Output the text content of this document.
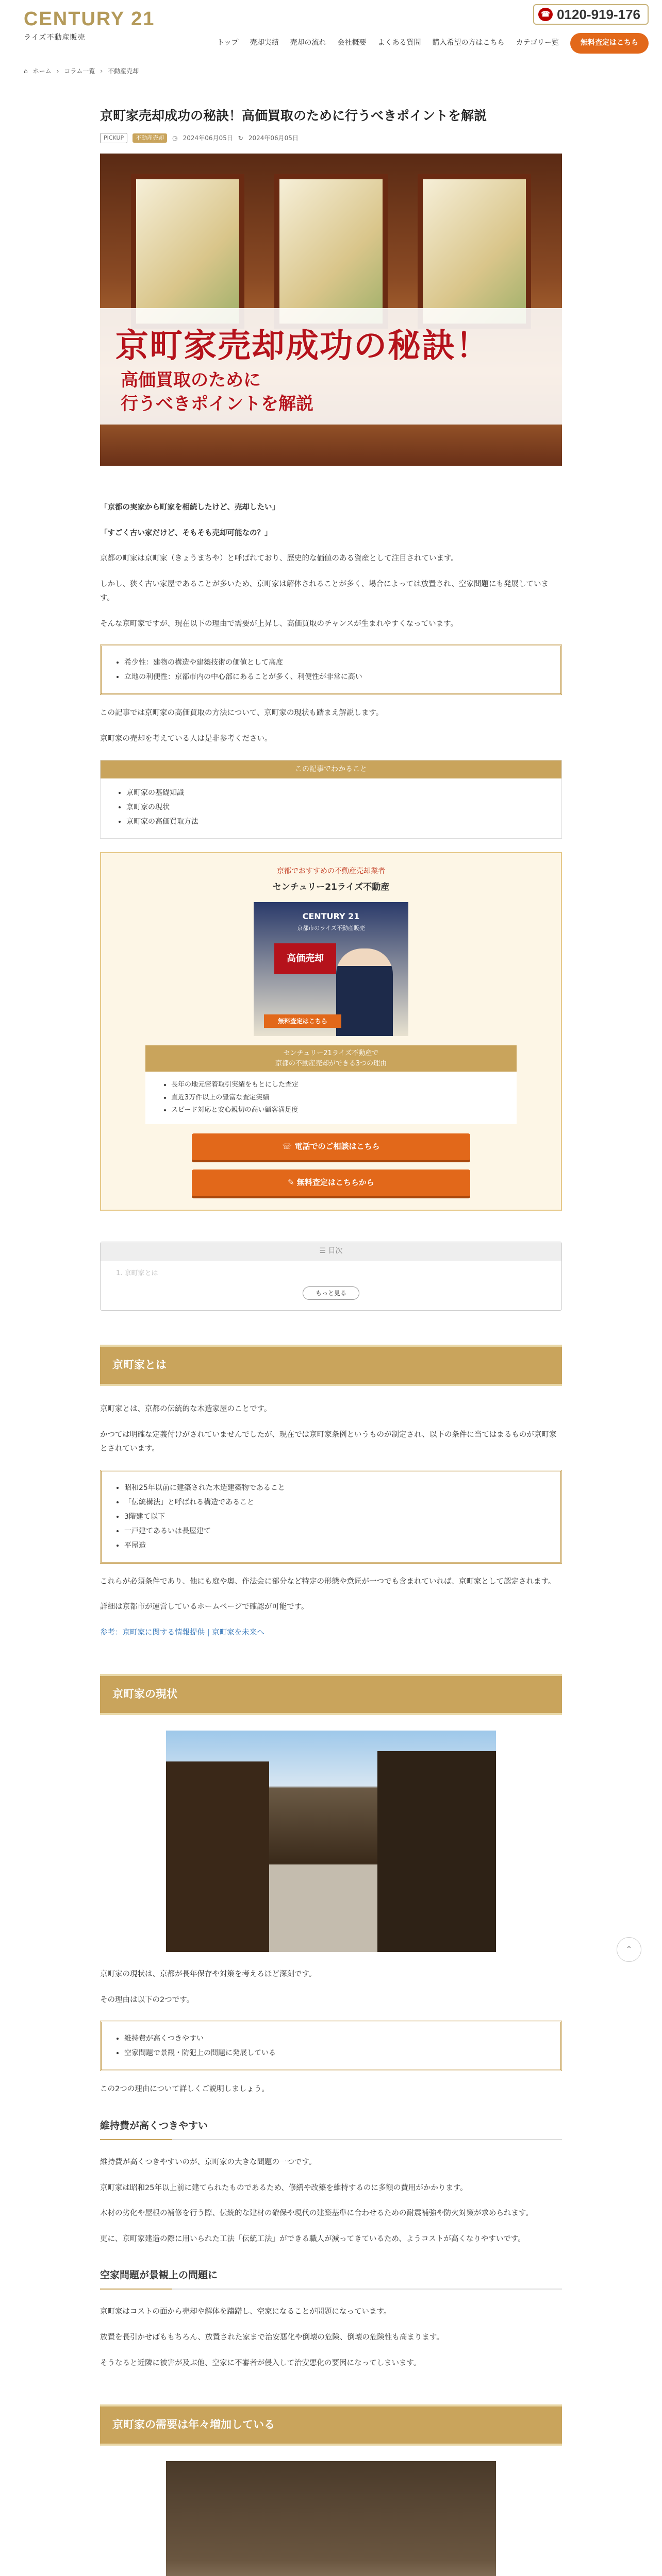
CENTURY 21
ライズ不動産販売
☎ 0120-919-176
トップ 売却実績 売却の流れ 会社概要 よくある質問 購入希望の方はこちら カテゴリー覧	無料査定はこちら
⌂ ホーム › コラム一覧 › 不動産売却
京町家売却成功の秘訣！高価買取のために行うべきポイントを解説
PICKUP	不動産売却	◷ 2024年06月05日 ↻ 2024年06月05日
京町家売却成功の秘訣！
高価買取のために
行うべきポイントを解説

「京都の実家から町家を相続したけど、売却したい」

「すごく古い家だけど、そもそも売却可能なの？」

京都の町家は京町家（きょうまちや）と呼ばれており、歴史的な価値のある資産として注目されています。

しかし、狭く古い家屋であることが多いため、京町家は解体されることが多く、場合によっては放置され、空家問題にも発展しています。

そんな京町家ですが、現在以下の理由で需要が上昇し、高価買取のチャンスが生まれやすくなっています。

• 希少性：建物の構造や建築技術の価値として高度
• 立地の利便性：京都市内の中心部にあることが多く、利便性が非常に高い

この記事では京町家の高価買取の方法について、京町家の現状も踏まえ解説します。

京町家の売却を考えている人は是非参考ください。

この記事でわかること
• 京町家の基礎知識
• 京町家の現状
• 京町家の高価買取方法
京都でおすすめの不動産売却業者
センチュリー21ライズ不動産
CENTURY 21
京都市のライズ不動産販売
高価売却
無料査定はこちら
センチュリー21ライズ不動産で
京都の不動産売却ができる3つの理由
• 長年の地元密着取引実績をもとにした査定
• 直近3万件以上の豊富な査定実績
• スピード対応と安心親切の高い顧客満足度
☏ 電話でのご相談はこちら
✎ 無料査定はこちらから
☰ 目次
1. 京町家とは
もっと見る
京町家とは

京町家とは、京都の伝統的な木造家屋のことです。

かつては明確な定義付けがされていませんでしたが、現在では京町家条例というものが制定され、以下の条件に当てはまるものが京町家とされています。

• 昭和25年以前に建築された木造建築物であること
• 「伝統構法」と呼ばれる構造であること
• 3階建て以下
• 一戸建てあるいは長屋建て
• 平屋造

これらが必須条件であり、他にも庭や奥、作法会に部分など特定の形態や意匠が一つでも含まれていれば、京町家として認定されます。

詳細は京都市が運営しているホームページで確認が可能です。

参考：京町家に関する情報提供 | 京町家を未来へ

京町家の現状

京町家の現状は、京都が長年保存や対策を考えるほど深刻です。

その理由は以下の2つです。

• 維持費が高くつきやすい
• 空家問題で景観・防犯上の問題に発展している

この2つの理由について詳しくご説明しましょう。

維持費が高くつきやすい

維持費が高くつきやすいのが、京町家の大きな問題の一つです。

京町家は昭和25年以上前に建てられたものであるため、修繕や改築を維持するのに多額の費用がかかります。

木材の劣化や屋根の補修を行う際、伝統的な建材の確保や現代の建築基準に合わせるための耐震補強や防火対策が求められます。

更に、京町家建造の際に用いられた工法「伝統工法」ができる職人が減ってきているため、ようコストが高くなりやすいです。

空家問題が景観上の問題に

京町家はコストの面から売却や解体を躊躇し、空家になることが問題になっています。

放置を長引かせばももちろん、放置された家まで治安悪化や倒壊の危険、倒壊の危険性も高まります。

そうなると近隣に被害が及ぶ他、空家に不審者が侵入して治安悪化の要因になってしまいます。

京町家の需要は年々増加している

⌃
